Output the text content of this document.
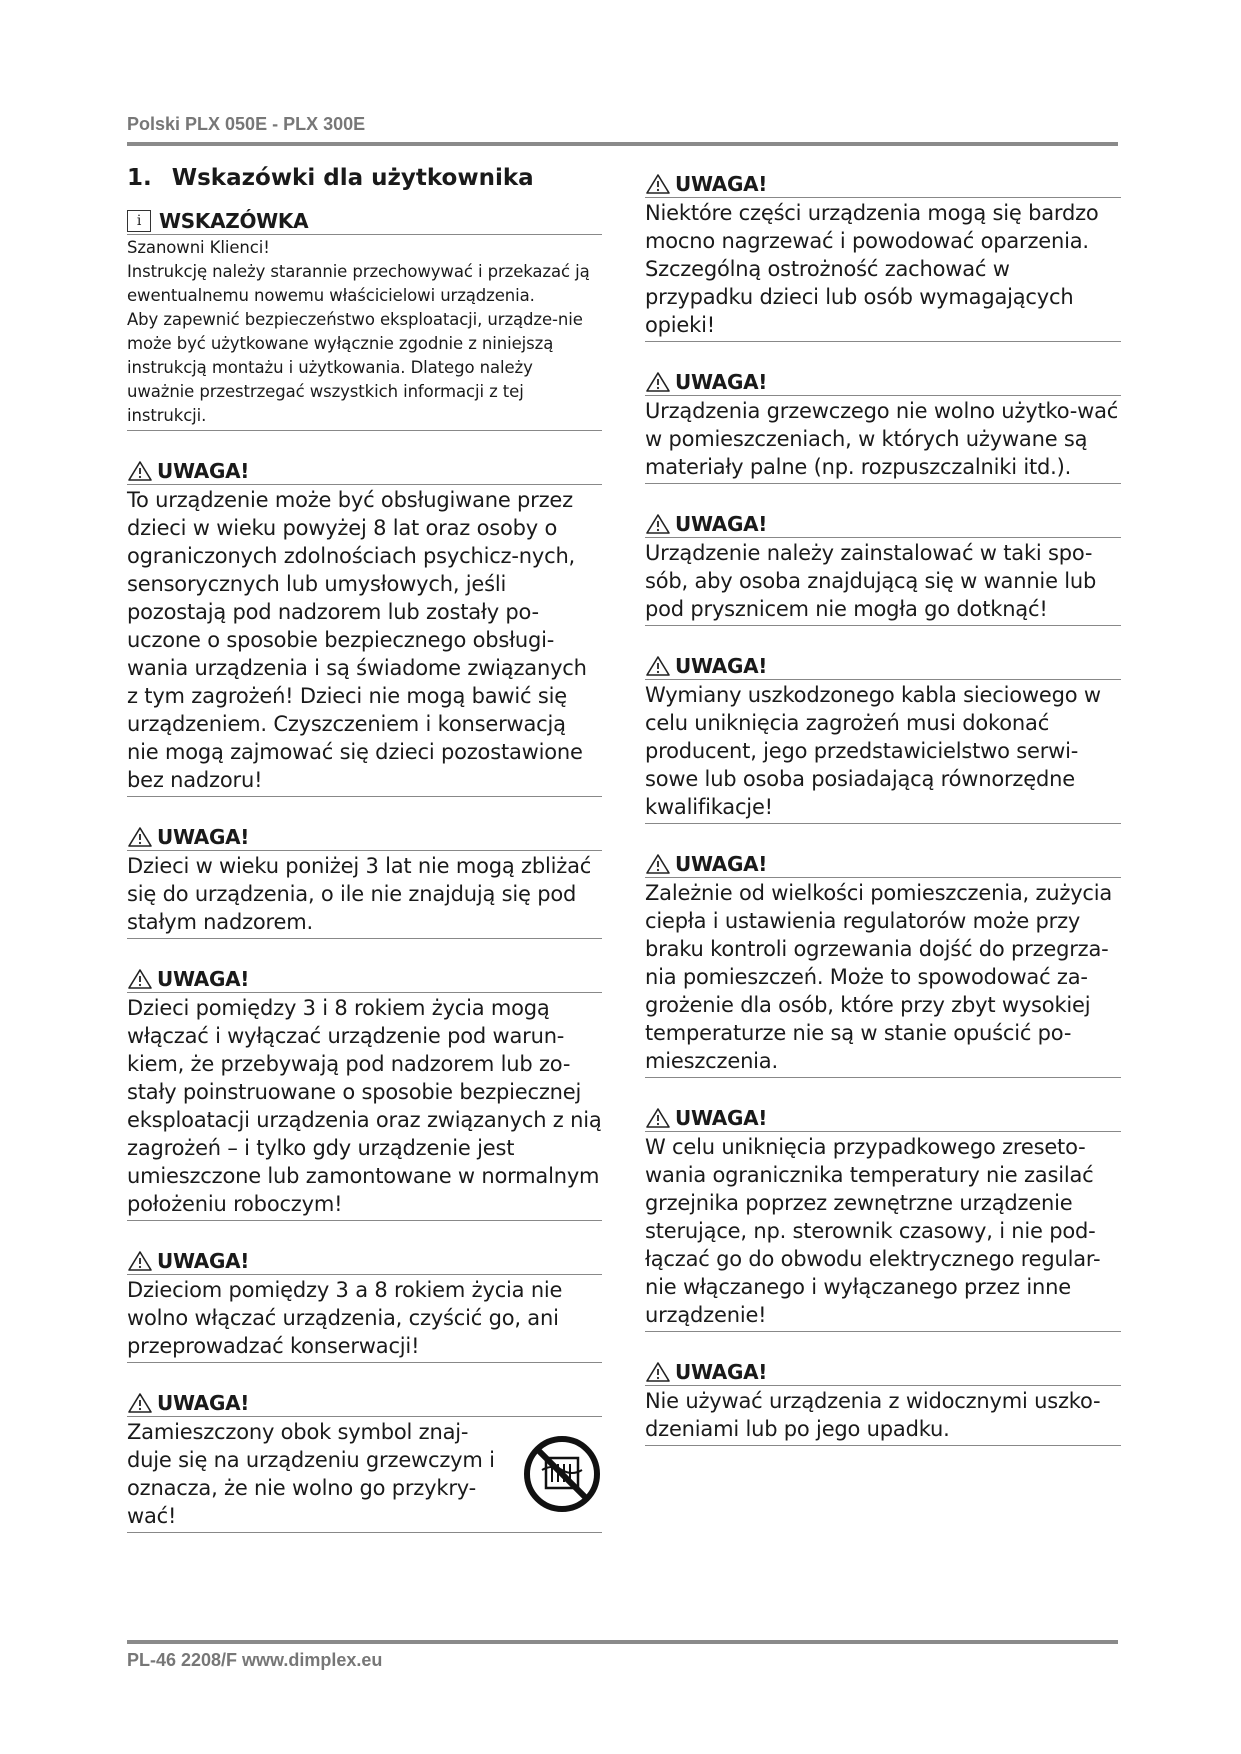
Polski PLX 050E - PLX 300E
1. Wskazówki dla użytkownika
i WSKAZÓWKA

Szanowni Klienci!

Instrukcję należy starannie przechowywać i przekazać ją ewentualnemu nowemu właścicielowi urządzenia.

Aby zapewnić bezpieczeństwo eksploatacji, urządze-nie może być użytkowane wyłącznie zgodnie z niniejszą instrukcją montażu i użytkowania. Dlatego należy uważnie przestrzegać wszystkich informacji z tej instrukcji.

UWAGA!
To urządzenie może być obsługiwane przez dzieci w wieku powyżej 8 lat oraz osoby o ograniczonych zdolnościach psychicz-nych, sensorycznych lub umysłowych, jeśli pozostają pod nadzorem lub zostały po-uczone o sposobie bezpiecznego obsługi-wania urządzenia i są świadome związanych z tym zagrożeń! Dzieci nie mogą bawić się urządzeniem. Czyszczeniem i konserwacją nie mogą zajmować się dzieci pozostawione bez nadzoru!
UWAGA!
Dzieci w wieku poniżej 3 lat nie mogą zbliżać się do urządzenia, o ile nie znajdują się pod stałym nadzorem.
UWAGA!
Dzieci pomiędzy 3 i 8 rokiem życia mogą włączać i wyłączać urządzenie pod warun-kiem, że przebywają pod nadzorem lub zo-stały poinstruowane o sposobie bezpiecznej eksploatacji urządzenia oraz związanych z nią zagrożeń – i tylko gdy urządzenie jest umieszczone lub zamontowane w normalnym położeniu roboczym!
UWAGA!
Dzieciom pomiędzy 3 a 8 rokiem życia nie wolno włączać urządzenia, czyścić go, ani przeprowadzać konserwacji!
UWAGA!
Zamieszczony obok symbol znaj-duje się na urządzeniu grzewczym i oznacza, że nie wolno go przykry-wać!
UWAGA!
Niektóre części urządzenia mogą się bardzo mocno nagrzewać i powodować oparzenia. Szczególną ostrożność zachować w przypadku dzieci lub osób wymagających opieki!
UWAGA!
Urządzenia grzewczego nie wolno użytko-wać w pomieszczeniach, w których używane są materiały palne (np. rozpuszczalniki itd.).
UWAGA!
Urządzenie należy zainstalować w taki spo-sób, aby osoba znajdującą się w wannie lub pod prysznicem nie mogła go dotknąć!
UWAGA!
Wymiany uszkodzonego kabla sieciowego w celu uniknięcia zagrożeń musi dokonać producent, jego przedstawicielstwo serwi-sowe lub osoba posiadającą równorzędne kwalifikacje!
UWAGA!
Zależnie od wielkości pomieszczenia, zużycia ciepła i ustawienia regulatorów może przy braku kontroli ogrzewania dojść do przegrza-nia pomieszczeń. Może to spowodować za-grożenie dla osób, które przy zbyt wysokiej temperaturze nie są w stanie opuścić po-mieszczenia.
UWAGA!
W celu uniknięcia przypadkowego zreseto-wania ogranicznika temperatury nie zasilać grzejnika poprzez zewnętrzne urządzenie sterujące, np. sterownik czasowy, i nie pod-łączać go do obwodu elektrycznego regular-nie włączanego i wyłączanego przez inne urządzenie!
UWAGA!
Nie używać urządzenia z widocznymi uszko-dzeniami lub po jego upadku.
PL-46 2208/F www.dimplex.eu
